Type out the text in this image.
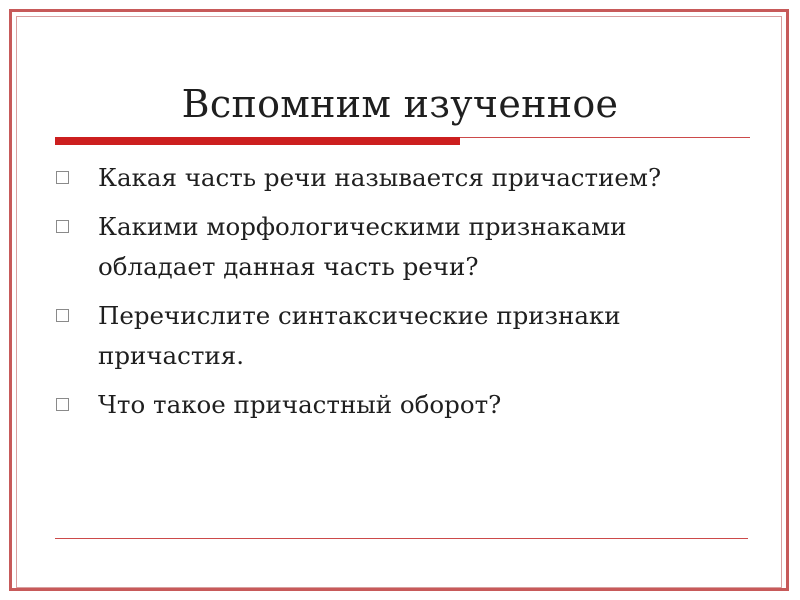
Вспомним изученное
Какая часть речи называется причастием?
Какими морфологическими признаками обладает данная часть речи?
Перечислите синтаксические признаки причастия.
Что такое причастный оборот?
